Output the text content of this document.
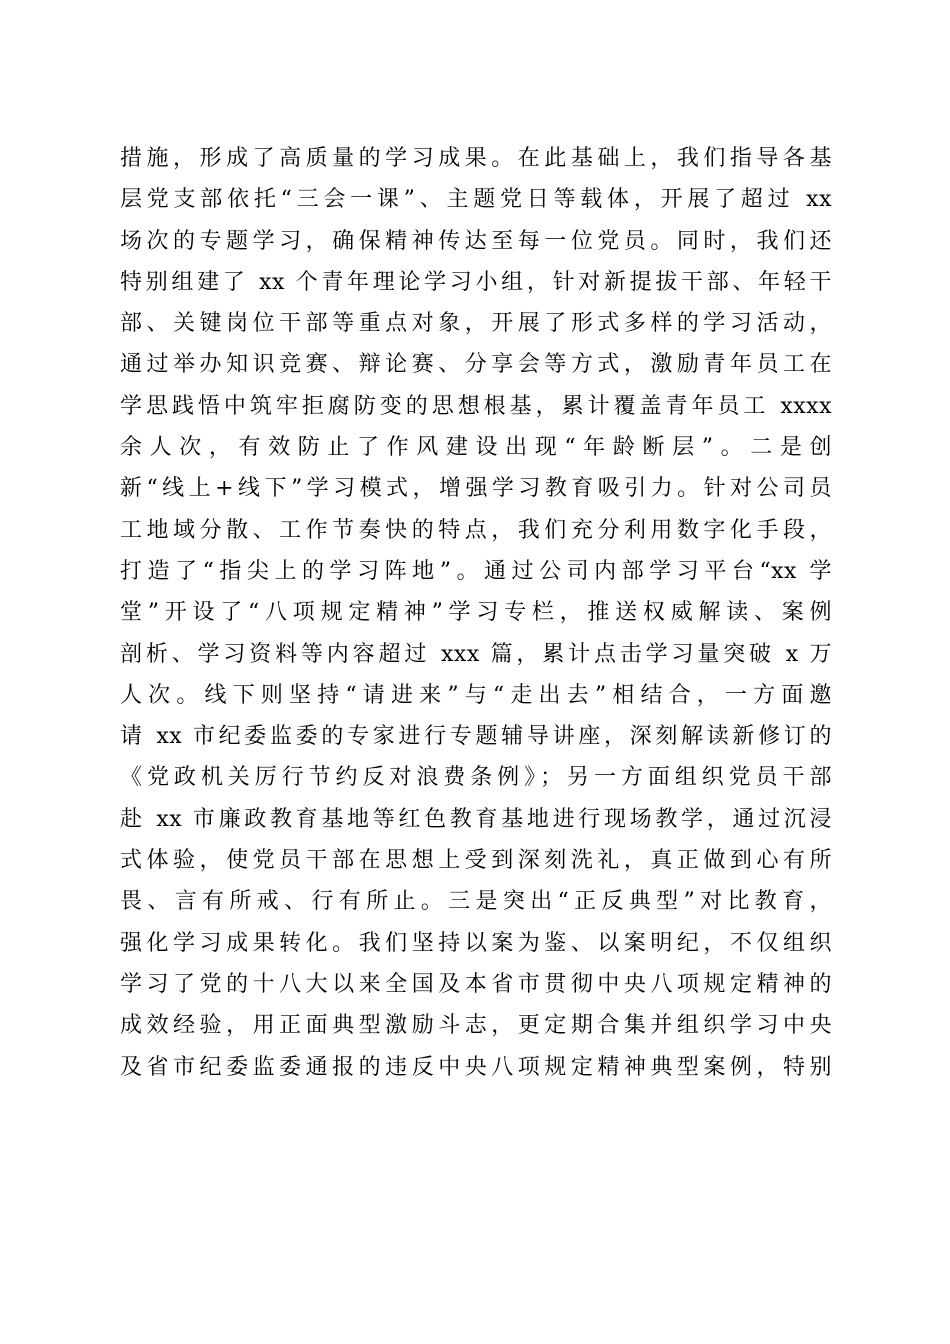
措施，形成了高质量的学习成果。在此基础上，我们指导各基
层党支部依托“三会一课”、主题党日等载体，开展了超过 xx
场次的专题学习，确保精神传达至每一位党员。同时，我们还
特别组建了 xx 个青年理论学习小组，针对新提拔干部、年轻干
部、关键岗位干部等重点对象，开展了形式多样的学习活动，
通过举办知识竞赛、辩论赛、分享会等方式，激励青年员工在
学思践悟中筑牢拒腐防变的思想根基，累计覆盖青年员工 xxxx
余人次，有效防止了作风建设出现“年龄断层”。二是创
新“线上+线下”学习模式，增强学习教育吸引力。针对公司员
工地域分散、工作节奏快的特点，我们充分利用数字化手段，
打造了“指尖上的学习阵地”。通过公司内部学习平台“xx 学
堂”开设了“八项规定精神”学习专栏，推送权威解读、案例
剖析、学习资料等内容超过 xxx 篇，累计点击学习量突破 x 万
人次。线下则坚持“请进来”与“走出去”相结合，一方面邀
请 xx 市纪委监委的专家进行专题辅导讲座，深刻解读新修订的
《党政机关厉行节约反对浪费条例》；另一方面组织党员干部
赴 xx 市廉政教育基地等红色教育基地进行现场教学，通过沉浸
式体验，使党员干部在思想上受到深刻洗礼，真正做到心有所
畏、言有所戒、行有所止。三是突出“正反典型”对比教育，
强化学习成果转化。我们坚持以案为鉴、以案明纪，不仅组织
学习了党的十八大以来全国及本省市贯彻中央八项规定精神的
成效经验，用正面典型激励斗志，更定期合集并组织学习中央
及省市纪委监委通报的违反中央八项规定精神典型案例，特别
